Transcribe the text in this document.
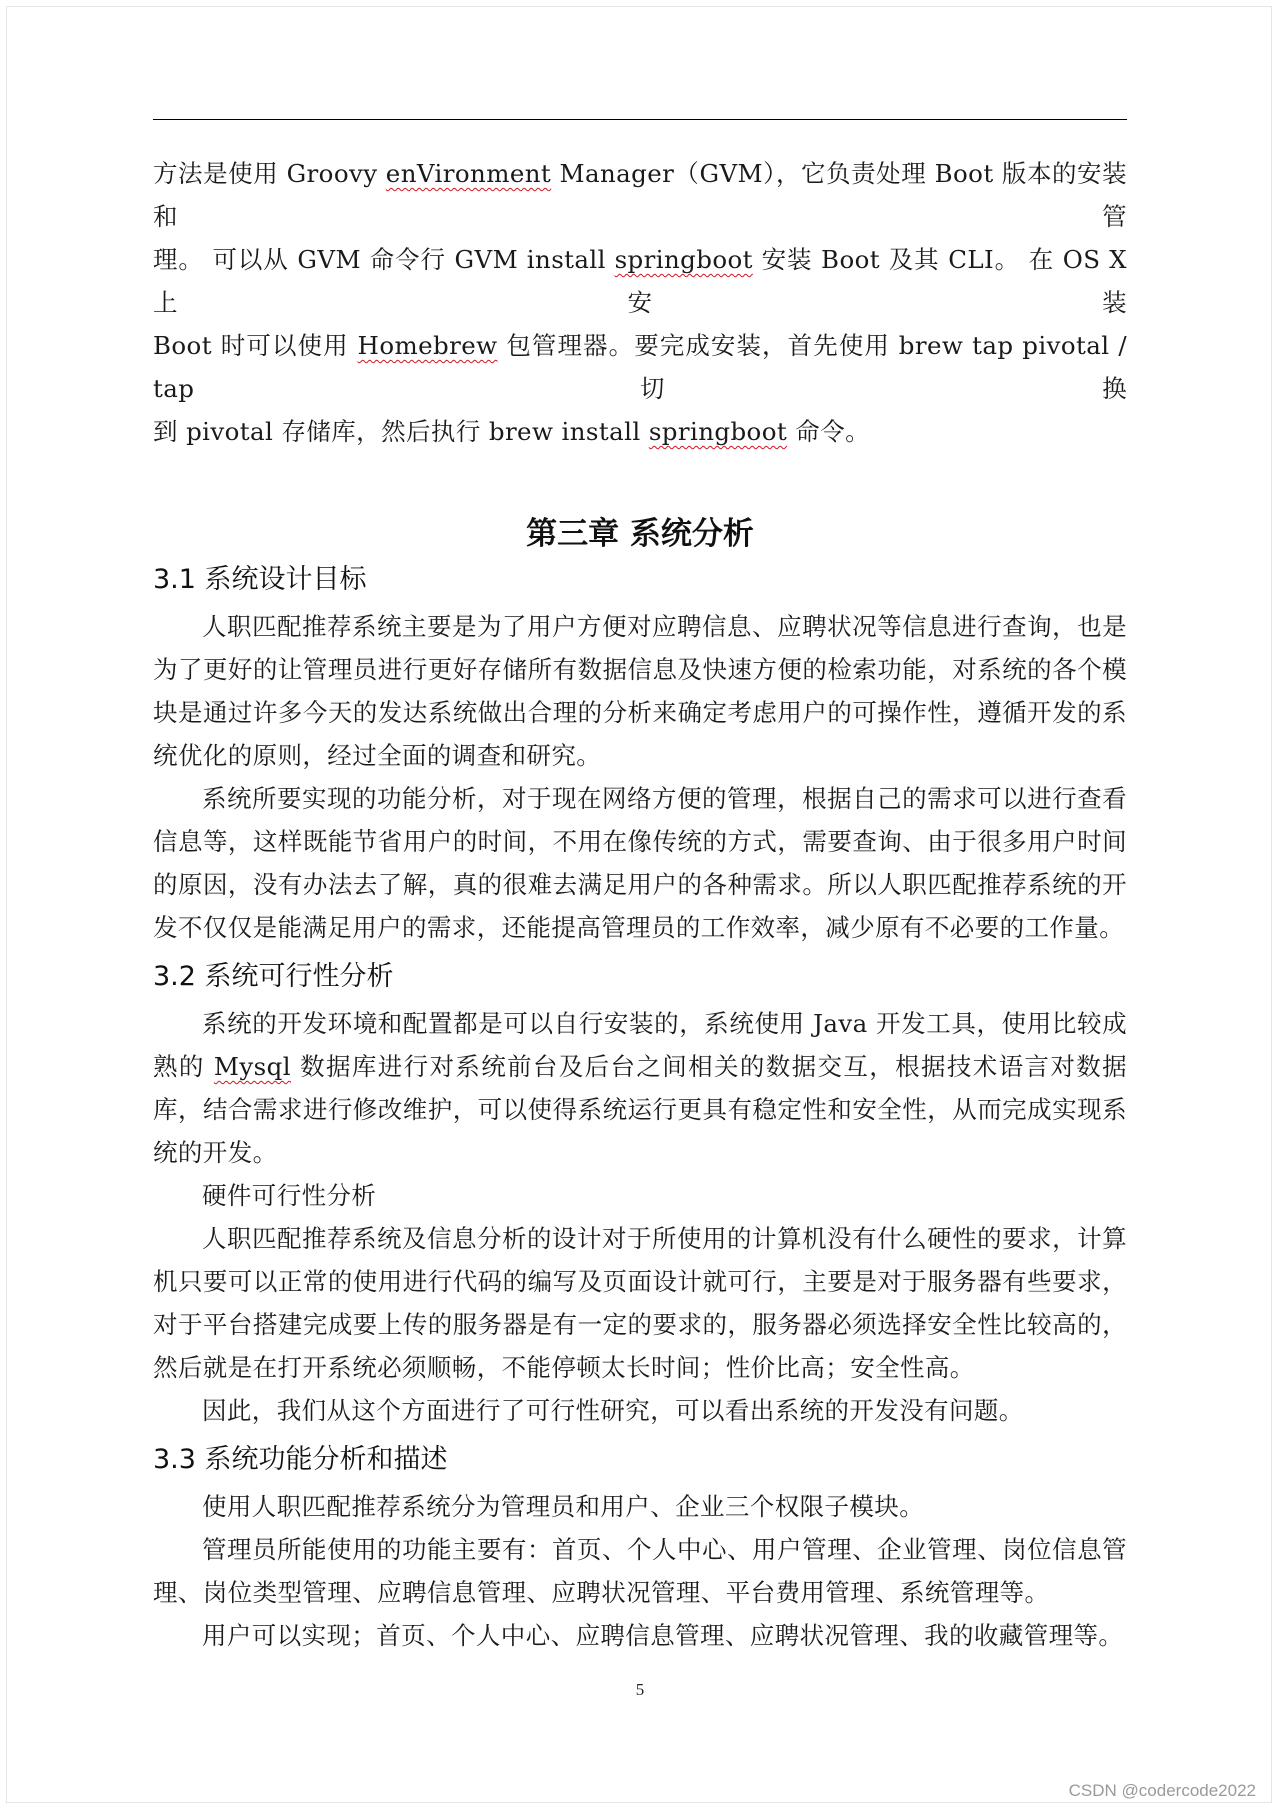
方法是使用 Groovy enVironment Manager（GVM），它负责处理 Boot 版本的安装和管

理。 可以从 GVM 命令行 GVM install springboot 安装 Boot 及其 CLI。 在 OS X 上安装

Boot 时可以使用 Homebrew 包管理器。要完成安装，首先使用 brew tap pivotal / tap 切换

到 pivotal 存储库，然后执行 brew install springboot 命令。

第三章 系统分析
3.1 系统设计目标

人职匹配推荐系统主要是为了用户方便对应聘信息、应聘状况等信息进行查询，也是为了更好的让管理员进行更好存储所有数据信息及快速方便的检索功能，对系统的各个模块是通过许多今天的发达系统做出合理的分析来确定考虑用户的可操作性，遵循开发的系统优化的原则，经过全面的调查和研究。

系统所要实现的功能分析，对于现在网络方便的管理，根据自己的需求可以进行查看信息等，这样既能节省用户的时间，不用在像传统的方式，需要查询、由于很多用户时间的原因，没有办法去了解，真的很难去满足用户的各种需求。所以人职匹配推荐系统的开发不仅仅是能满足用户的需求，还能提高管理员的工作效率，减少原有不必要的工作量。

3.2 系统可行性分析

系统的开发环境和配置都是可以自行安装的，系统使用 Java 开发工具，使用比较成熟的 Mysql 数据库进行对系统前台及后台之间相关的数据交互，根据技术语言对数据库，结合需求进行修改维护，可以使得系统运行更具有稳定性和安全性，从而完成实现系统的开发。

硬件可行性分析

人职匹配推荐系统及信息分析的设计对于所使用的计算机没有什么硬性的要求，计算机只要可以正常的使用进行代码的编写及页面设计就可行，主要是对于服务器有些要求，对于平台搭建完成要上传的服务器是有一定的要求的，服务器必须选择安全性比较高的，然后就是在打开系统必须顺畅，不能停顿太长时间；性价比高；安全性高。

因此，我们从这个方面进行了可行性研究，可以看出系统的开发没有问题。

3.3 系统功能分析和描述

使用人职匹配推荐系统分为管理员和用户、企业三个权限子模块。

管理员所能使用的功能主要有：首页、个人中心、用户管理、企业管理、岗位信息管理、岗位类型管理、应聘信息管理、应聘状况管理、平台费用管理、系统管理等。

用户可以实现；首页、个人中心、应聘信息管理、应聘状况管理、我的收藏管理等。

5
CSDN @codercode2022
